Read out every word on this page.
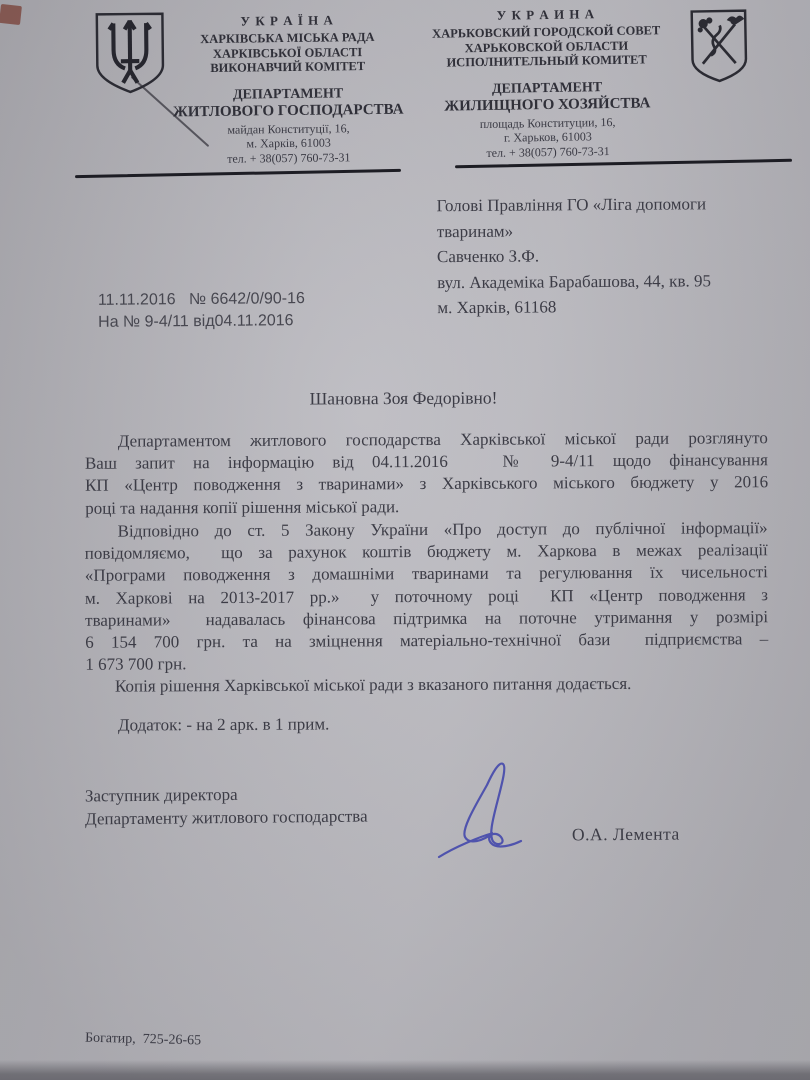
У К Р А Ї Н А
ХАРКІВСЬКА МІСЬКА РАДА
ХАРКІВСЬКОЇ ОБЛАСТІ
ВИКОНАВЧИЙ КОМІТЕТ
ДЕПАРТАМЕНТ
ЖИТЛОВОГО ГОСПОДАРСТВА
майдан Конституції, 16,
м. Харків, 61003
тел. + 38(057) 760-73-31
У К Р А И Н А
ХАРЬКОВСКИЙ ГОРОДСКОЙ СОВЕТ
ХАРЬКОВСКОЙ ОБЛАСТИ
ИСПОЛНИТЕЛЬНЫЙ КОМИТЕТ
ДЕПАРТАМЕНТ
ЖИЛИЩНОГО ХОЗЯЙСТВА
площадь Конституции, 16,
г. Харьков, 61003
тел. + 38(057) 760-73-31
Голові Правління ГО «Ліга допомоги
тваринам»
Савченко З.Ф.
вул. Академіка Барабашова, 44, кв. 95
м. Харків, 61168
11.11.2016   № 6642/0/90-16
На № 9-4/11 від04.11.2016
Шановна Зоя Федорівно!
Департаментом житлового господарства Харківської міської ради розглянуто
Ваш запит на інформацію від 04.11.2016   № 9-4/11 щодо фінансування
КП «Центр поводження з тваринами» з Харківського міського бюджету у 2016
році та надання копії рішення міської ради.
Відповідно до ст. 5 Закону України «Про доступ до публічної інформації»
повідомляємо,  що за рахунок коштів бюджету м. Харкова в межах реалізації
«Програми поводження з домашніми тваринами та регулювання їх чисельності
м. Харкові на 2013-2017 рр.»  у поточному році  КП «Центр поводження з
тваринами»  надавалась фінансова підтримка на поточне утримання у розмірі
6 154 700 грн. та на зміцнення матеріально-технічної бази  підприємства –
1 673 700 грн.
Копія рішення Харківської міської ради з вказаного питання додається.
Додаток: - на 2 арк. в 1 прим.
Заступник директора
Департаменту житлового господарства
О.А. Лемента
Богатир,  725-26-65
